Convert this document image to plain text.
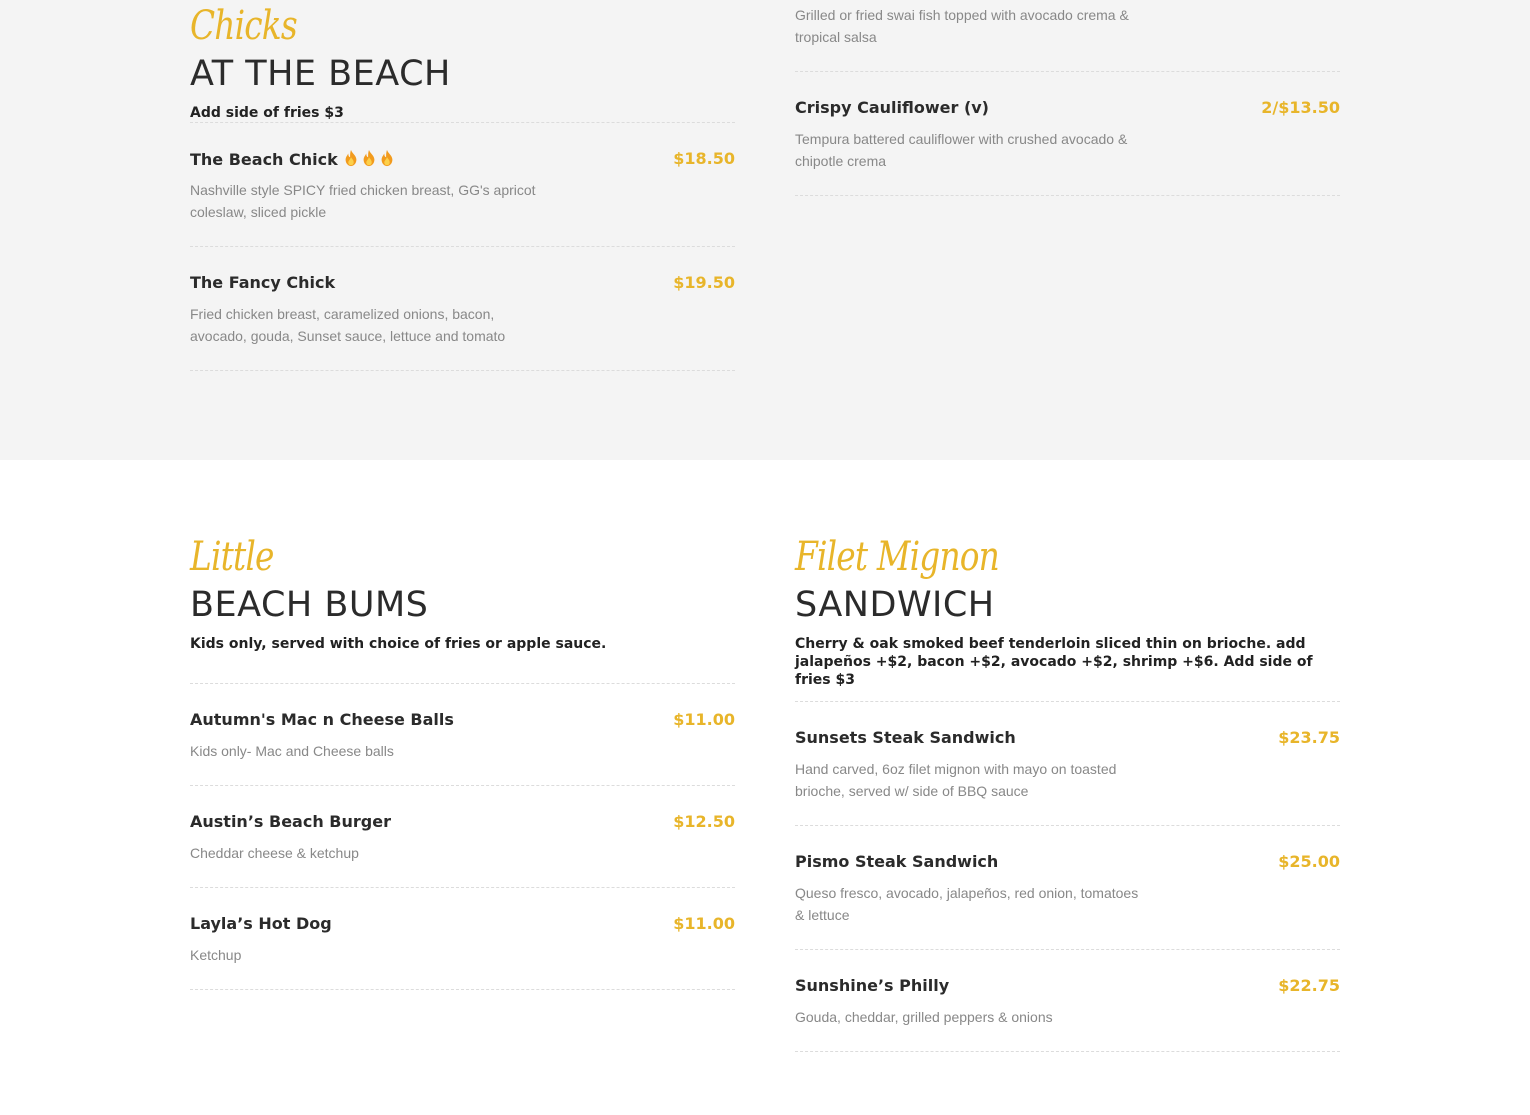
Chicks
AT THE BEACH
Add side of fries $3
The Beach Chick	$18.50
Nashville style SPICY fried chicken breast, GG's apricot coleslaw, sliced pickle
The Fancy Chick	$19.50
Fried chicken breast, caramelized onions, bacon, avocado, gouda, Sunset sauce, lettuce and tomato
Grilled or fried swai fish topped with avocado crema & tropical salsa
Crispy Cauliflower (v)	2/$13.50
Tempura battered cauliflower with crushed avocado & chipotle crema
Little
BEACH BUMS
Kids only, served with choice of fries or apple sauce.
Autumn's Mac n Cheese Balls	$11.00
Kids only- Mac and Cheese balls
Austin’s Beach Burger	$12.50
Cheddar cheese & ketchup
Layla’s Hot Dog	$11.00
Ketchup
Filet Mignon
SANDWICH
Cherry & oak smoked beef tenderloin sliced thin on brioche. add jalapeños +$2, bacon +$2, avocado +$2, shrimp +$6. Add side of fries $3
Sunsets Steak Sandwich	$23.75
Hand carved, 6oz filet mignon with mayo on toasted brioche, served w/ side of BBQ sauce
Pismo Steak Sandwich	$25.00
Queso fresco, avocado, jalapeños, red onion, tomatoes & lettuce
Sunshine’s Philly	$22.75
Gouda, cheddar, grilled peppers & onions
